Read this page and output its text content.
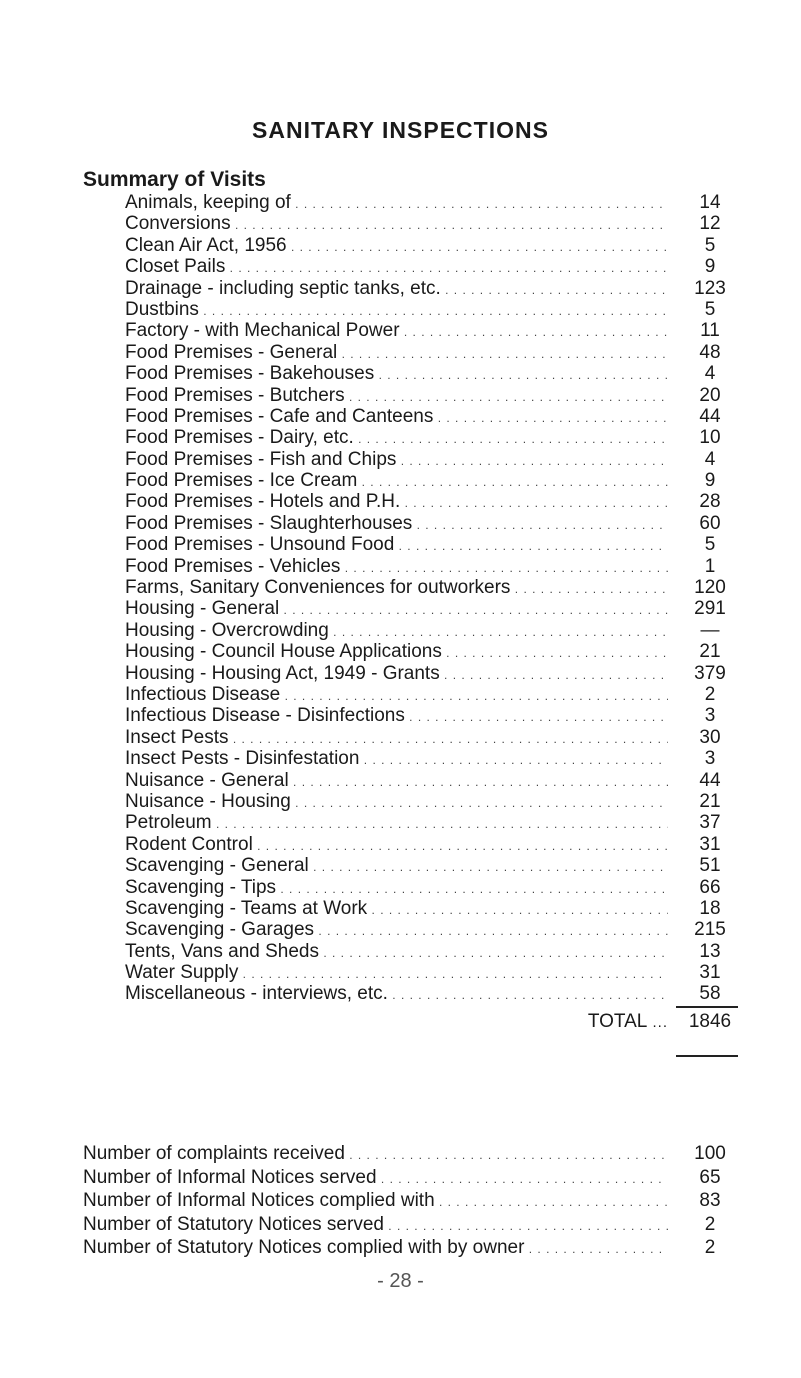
SANITARY INSPECTIONS
Summary of Visits
Animals, keeping of . . .	14
Conversions . . .	12
Clean Air Act, 1956 . . .	5
Closet Pails . . .	9
Drainage - including septic tanks, etc. . . .	123
Dustbins . . .	5
Factory - with Mechanical Power . . .	11
Food Premises - General . . .	48
Food Premises - Bakehouses . . .	4
Food Premises - Butchers . . .	20
Food Premises - Cafe and Canteens . . .	44
Food Premises - Dairy, etc. . . .	10
Food Premises - Fish and Chips . . .	4
Food Premises - Ice Cream . . .	9
Food Premises - Hotels and P.H. . . .	28
Food Premises - Slaughterhouses . . .	60
Food Premises - Unsound Food . . .	5
Food Premises - Vehicles . . .	1
Farms, Sanitary Conveniences for outworkers . . .	120
Housing - General . . .	291
Housing - Overcrowding . . .	—
Housing - Council House Applications . . .	21
Housing - Housing Act, 1949 - Grants . . .	379
Infectious Disease . . .	2
Infectious Disease - Disinfections . . .	3
Insect Pests . . .	30
Insect Pests - Disinfestation . . .	3
Nuisance - General . . .	44
Nuisance - Housing . . .	21
Petroleum . . .	37
Rodent Control . . .	31
Scavenging - General . . .	51
Scavenging - Tips . . .	66
Scavenging - Teams at Work . . .	18
Scavenging - Garages . . .	215
Tents, Vans and Sheds . . .	13
Water Supply . . .	31
Miscellaneous - interviews, etc. . . .	58
TOTAL ...	1846
Number of complaints received . . .	100
Number of Informal Notices served . . .	65
Number of Informal Notices complied with . . .	83
Number of Statutory Notices served . . .	2
Number of Statutory Notices complied with by owner . . .	2
- 28 -
